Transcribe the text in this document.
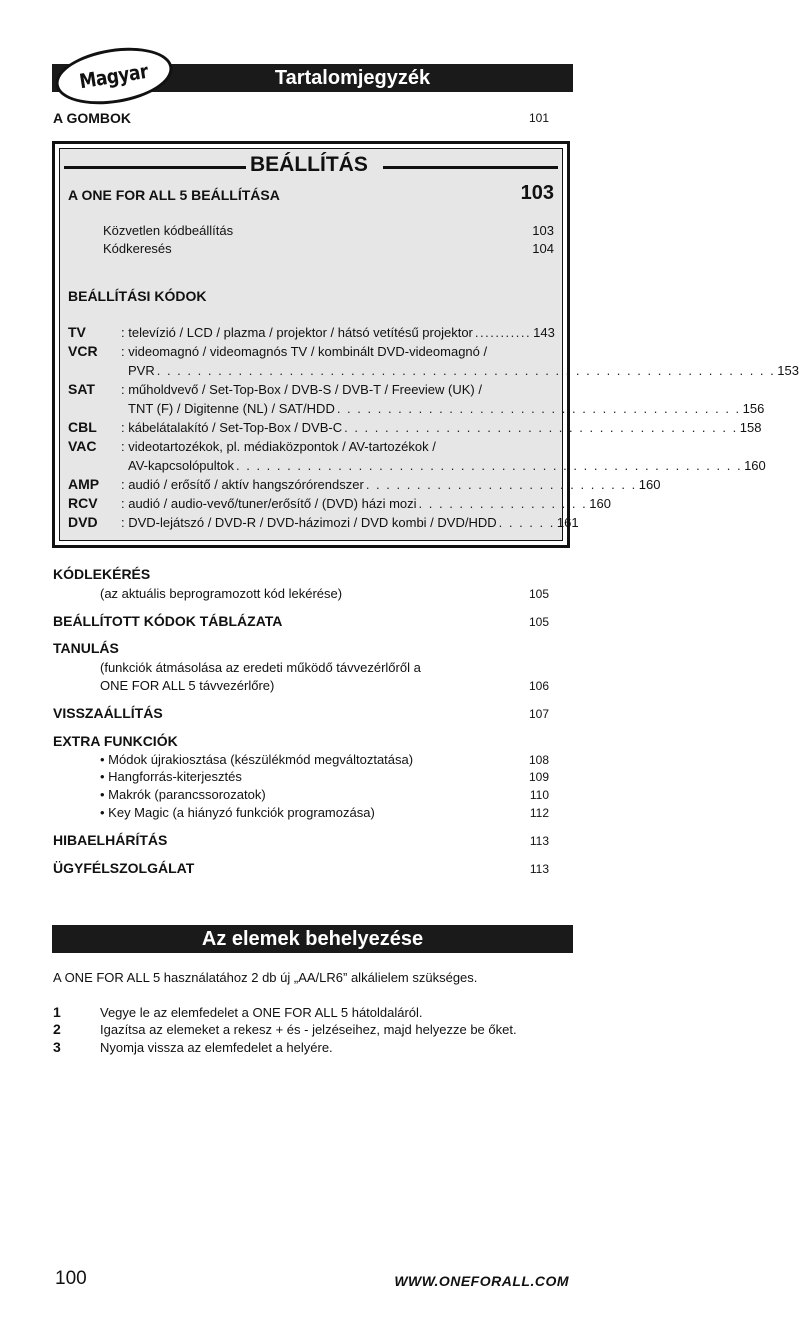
Tartalomjegyzék
Magyar
A GOMBOK	101
BEÁLLÍTÁS
A ONE FOR ALL 5 BEÁLLÍTÁSA	103
Közvetlen kódbeállítás	103
Kódkeresés	104
BEÁLLÍTÁSI KÓDOK
TV	: televízió / LCD / plazma / projektor / hátsó vetítésű projektor ........... 143
VCR : videomagnó / videomagnós TV / kombinált DVD-videomagnó /
PVR . . . . . . . . . . . . . . . . . . . . . . . . . . . . . . . . . . . . . . . . . . . . . . . . . . . . . . . . . . . . . 153
SAT : műholdvevő / Set-Top-Box / DVB-S / DVB-T / Freeview (UK) /
TNT (F) / Digitenne (NL) / SAT/HDD . . . . . . . . . . . . . . . . . . . . . . . . . . . . . . . . . . . . . . . . 156
CBL : kábelátalakító / Set-Top-Box / DVB-C . . . . . . . . . . . . . . . . . . . . . . . . . . . . . . . . . . . . . . . 158
VAC : videotartozékok, pl. médiaközpontok / AV-tartozékok /
AV-kapcsolópultok . . . . . . . . . . . . . . . . . . . . . . . . . . . . . . . . . . . . . . . . . . . . . . . . . . 160
AMP : audió / erősítő / aktív hangszórórendszer . . . . . . . . . . . . . . . . . . . . . . . . . . . 160
RCV : audió / audio-vevő/tuner/erősítő / (DVD) házi mozi . . . . . . . . . . . . . . . . . 160
DVD : DVD-lejátszó / DVD-R / DVD-házimozi / DVD kombi / DVD/HDD . . . . . . 161
KÓDLEKÉRÉS
(az aktuális beprogramozott kód lekérése)	105
BEÁLLÍTOTT KÓDOK TÁBLÁZATA	105
TANULÁS
(funkciók átmásolása az eredeti működő távvezérlőről a
ONE FOR ALL 5 távvezérlőre)	106
VISSZAÁLLÍTÁS	107
EXTRA FUNKCIÓK
• Módok újrakiosztása (készülékmód megváltoztatása)	108
• Hangforrás-kiterjesztés	109
• Makrók (parancssorozatok)	110
• Key Magic (a hiányzó funkciók programozása)	112
HIBAELHÁRÍTÁS	113
ÜGYFÉLSZOLGÁLAT	113
Az elemek behelyezése
A ONE FOR ALL 5 használatához 2 db új „AA/LR6” alkálielem szükséges.
1	Vegye le az elemfedelet a ONE FOR ALL 5 hátoldaláról.
2	Igazítsa az elemeket a rekesz + és - jelzéseihez, majd helyezze be őket.
3	Nyomja vissza az elemfedelet a helyére.
100	WWW.ONEFORALL.COM
